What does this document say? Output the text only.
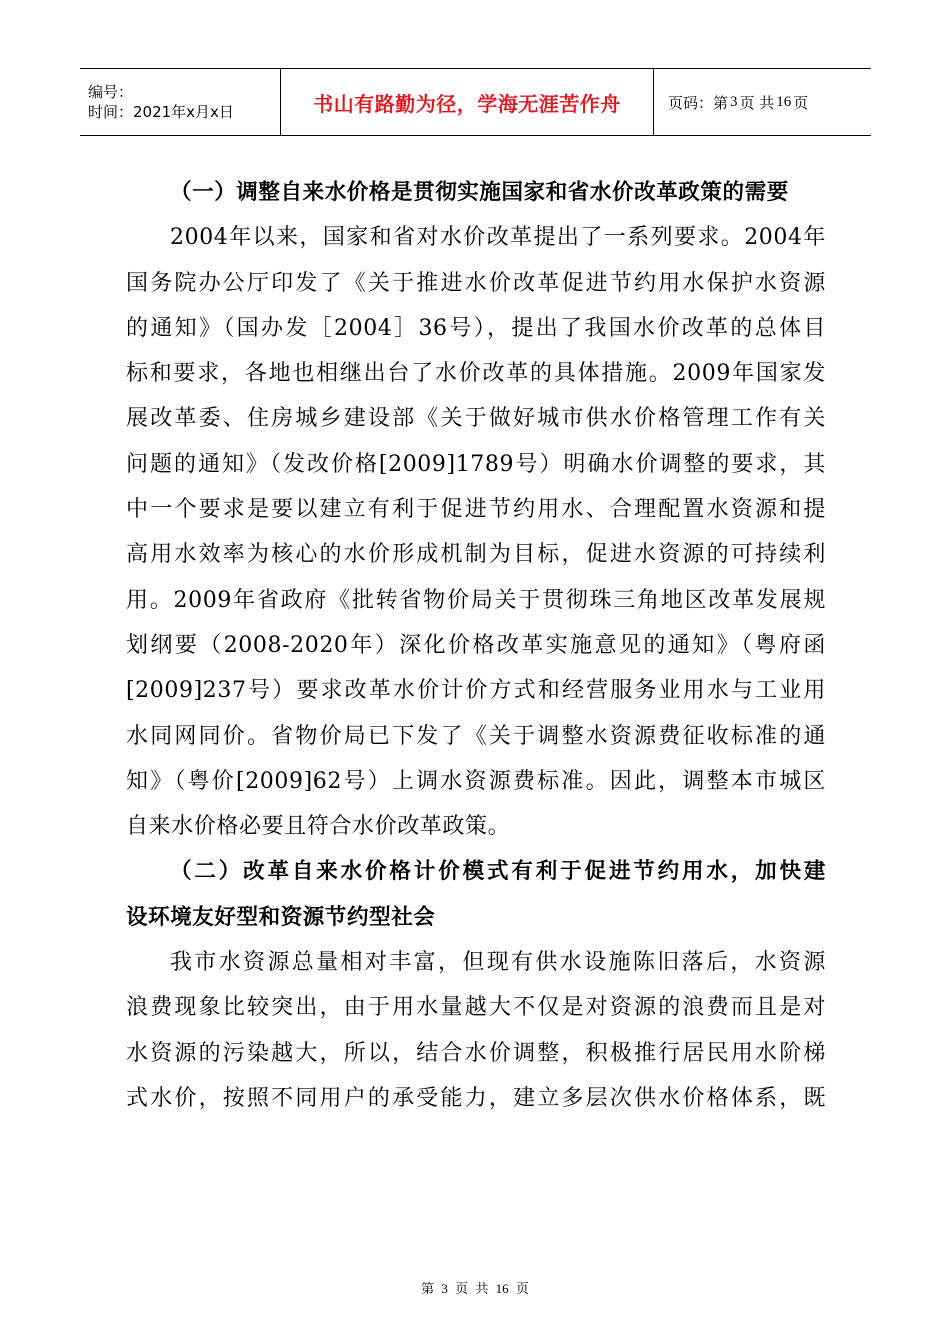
编号：
时间：2021年x月x日	书山有路勤为径，学海无涯苦作舟	页码：第 3 页 共 16 页
（一）调整自来水价格是贯彻实施国家和省水价改革政策的需要
2004年以来，国家和省对水价改革提出了一系列要求。2004年
国务院办公厅印发了《关于推进水价改革促进节约用水保护水资源
的通知》（国办发［2004］36号），提出了我国水价改革的总体目
标和要求，各地也相继出台了水价改革的具体措施。2009年国家发
展改革委、住房城乡建设部《关于做好城市供水价格管理工作有关
问题的通知》（发改价格[2009]1789号）明确水价调整的要求，其
中一个要求是要以建立有利于促进节约用水、合理配置水资源和提
高用水效率为核心的水价形成机制为目标，促进水资源的可持续利
用。2009年省政府《批转省物价局关于贯彻珠三角地区改革发展规
划纲要（2008-2020年）深化价格改革实施意见的通知》（粤府函
[2009]237号）要求改革水价计价方式和经营服务业用水与工业用
水同网同价。省物价局已下发了《关于调整水资源费征收标准的通
知》（粤价[2009]62号）上调水资源费标准。因此，调整本市城区
自来水价格必要且符合水价改革政策。
（二）改革自来水价格计价模式有利于促进节约用水，加快建
设环境友好型和资源节约型社会
我市水资源总量相对丰富，但现有供水设施陈旧落后，水资源
浪费现象比较突出，由于用水量越大不仅是对资源的浪费而且是对
水资源的污染越大，所以，结合水价调整，积极推行居民用水阶梯
式水价，按照不同用户的承受能力，建立多层次供水价格体系，既
第 3 页 共 16 页
